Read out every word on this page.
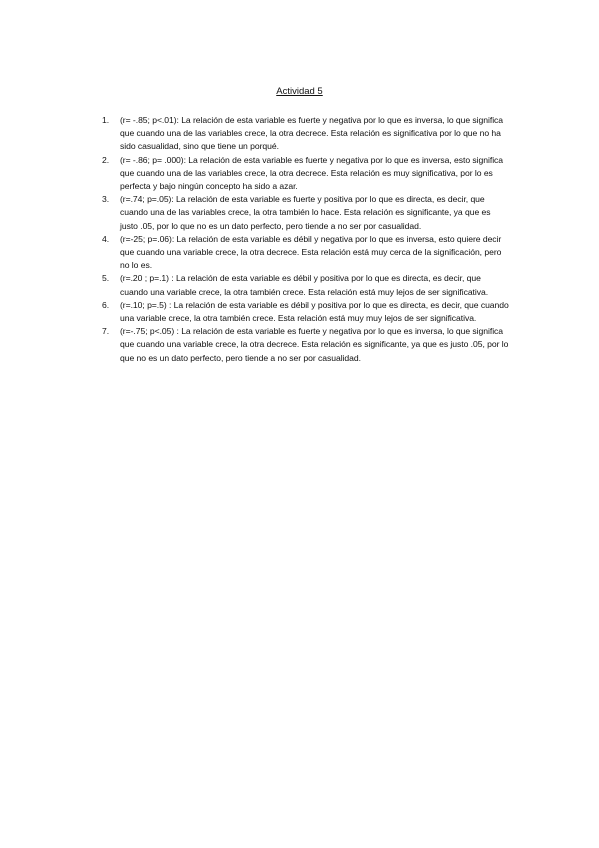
Actividad 5
1.	(r= -.85; p<.01): La relación de esta variable es fuerte y negativa por lo que es inversa, lo que significa que cuando una de las variables crece, la otra decrece. Esta relación es significativa por lo que no ha sido casualidad, sino que tiene un porqué.
2.	(r= -.86; p= .000): La relación de esta variable es fuerte y negativa por lo que es inversa, esto significa que cuando una de las variables crece, la otra decrece. Esta relación es muy significativa, por lo es perfecta y bajo ningún concepto ha sido a azar.
3.	(r=.74; p=.05): La relación de esta variable es fuerte y positiva por lo que es directa, es decir, que cuando una de las variables crece, la otra también lo hace. Esta relación es significante, ya que es justo .05, por lo que no es un dato perfecto, pero tiende a no ser por casualidad.
4.	(r=-25; p=.06): La relación de esta variable es débil y negativa por lo que es inversa, esto quiere decir que cuando una variable crece, la otra decrece. Esta relación está muy cerca de la significación, pero no lo es.
5.	(r=.20 ; p=.1) : La relación de esta variable es débil y positiva por lo que es directa, es decir, que cuando una variable crece, la otra también crece. Esta relación está muy lejos de ser significativa.
6.	(r=.10; p=.5) : La relación de esta variable es débil y positiva por lo que es directa, es decir, que cuando una variable crece, la otra también crece. Esta relación está muy muy lejos de ser significativa.
7.	(r=-.75; p<.05) : La relación de esta variable es fuerte y negativa por lo que es inversa, lo que significa que cuando una variable crece, la otra decrece. Esta relación es significante, ya que es justo .05, por lo que no es un dato perfecto, pero tiende a no ser por casualidad.
